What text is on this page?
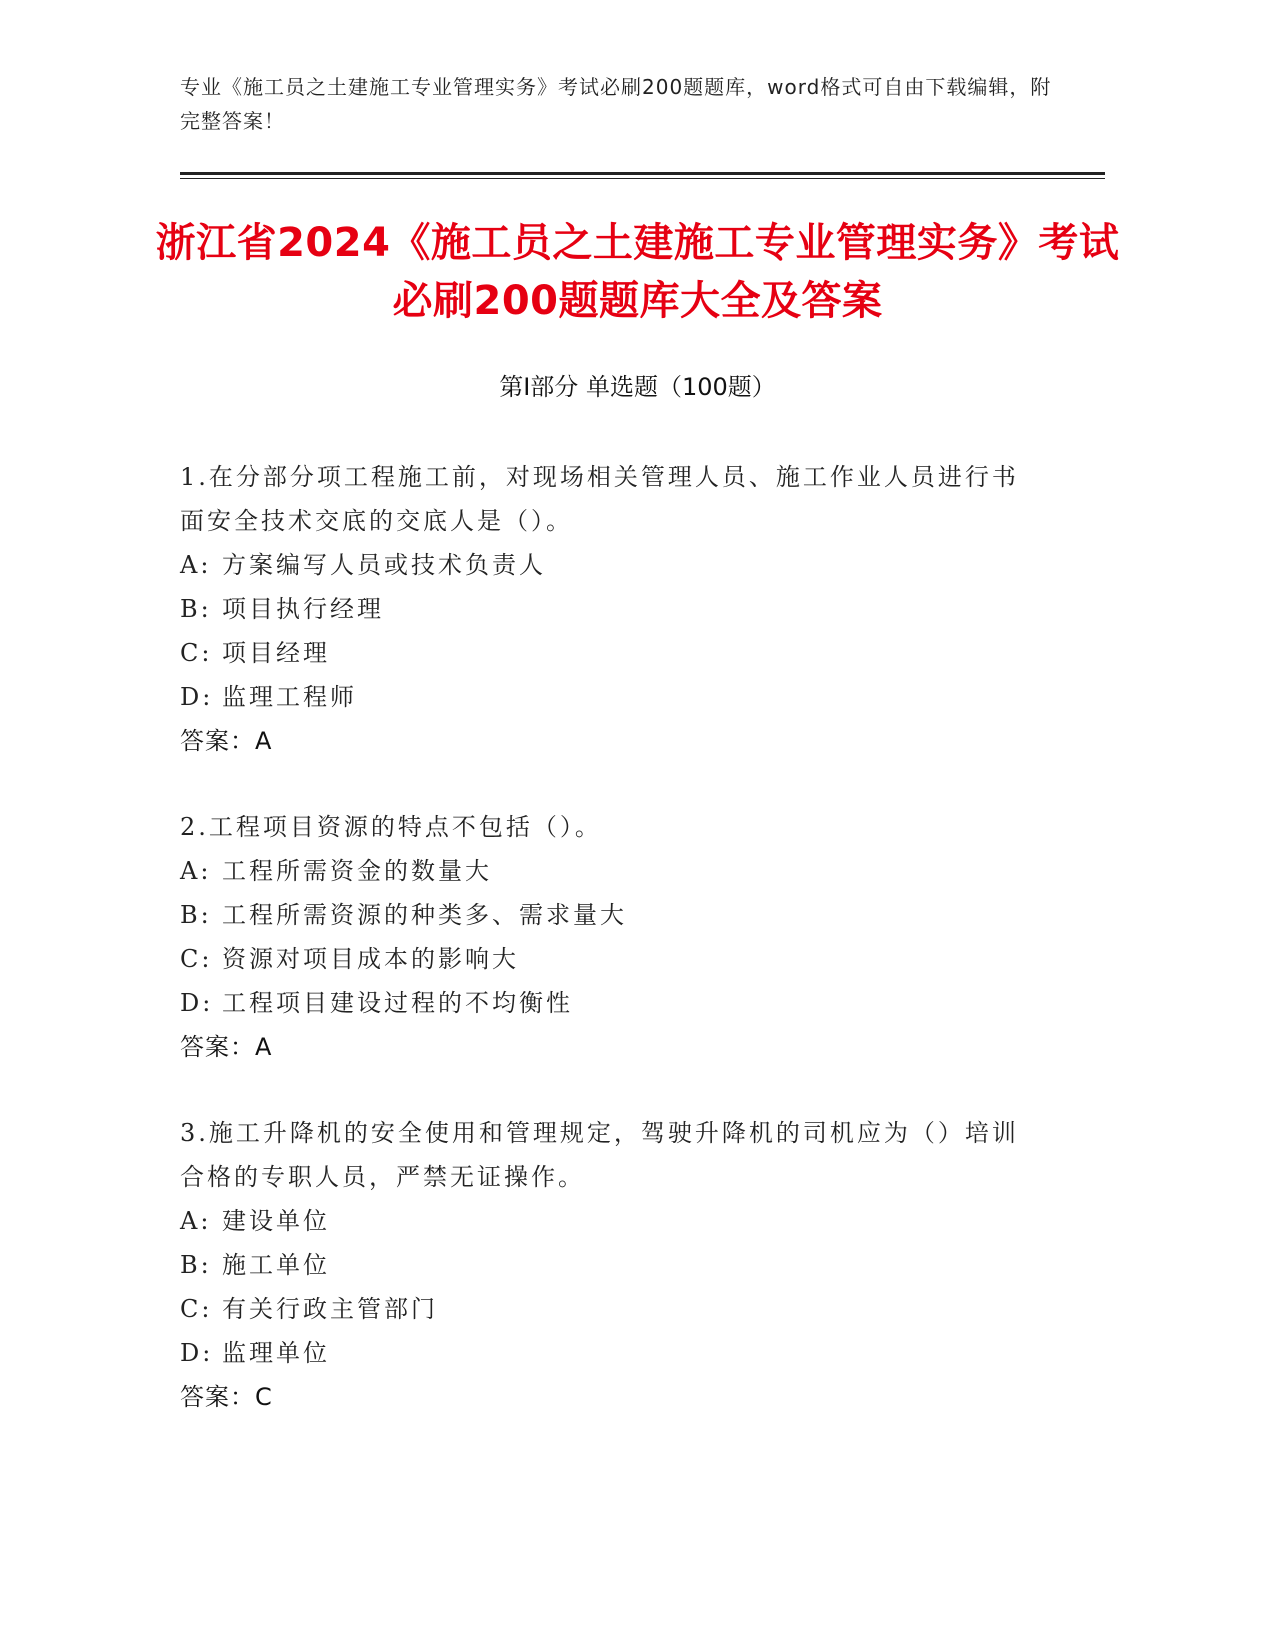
专业《施工员之土建施工专业管理实务》考试必刷200题题库，word格式可自由下载编辑，附完整答案！
浙江省2024《施工员之土建施工专业管理实务》考试必刷200题题库大全及答案
第Ⅰ部分 单选题（100题）
1.在分部分项工程施工前，对现场相关管理人员、施工作业人员进行书面安全技术交底的交底人是（）。
A: 方案编写人员或技术负责人
B: 项目执行经理
C: 项目经理
D: 监理工程师
答案：A
2.工程项目资源的特点不包括（）。
A: 工程所需资金的数量大
B: 工程所需资源的种类多、需求量大
C: 资源对项目成本的影响大
D: 工程项目建设过程的不均衡性
答案：A
3.施工升降机的安全使用和管理规定，驾驶升降机的司机应为（）培训合格的专职人员，严禁无证操作。
A: 建设单位
B: 施工单位
C: 有关行政主管部门
D: 监理单位
答案：C
